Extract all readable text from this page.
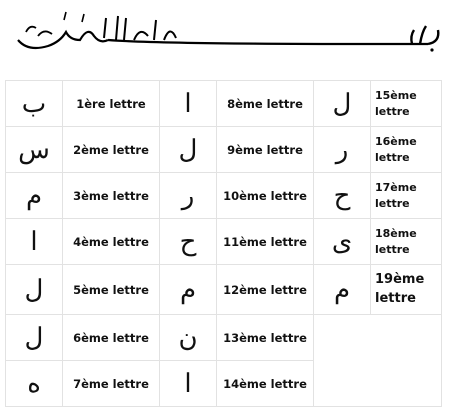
ب	1ère lettre	ا	8ème lettre	ل	15ème lettre
س	2ème lettre	ل	9ème lettre	ر	16ème lettre
م	3ème lettre	ر	10ème lettre	ح	17ème lettre
ا	4ème lettre	ح	11ème lettre	ى	18ème lettre
ل	5ème lettre	م	12ème lettre	م	19ème lettre
ل	6ème lettre	ن	13ème lettre		
ه	7ème lettre	ا	14ème lettre		
